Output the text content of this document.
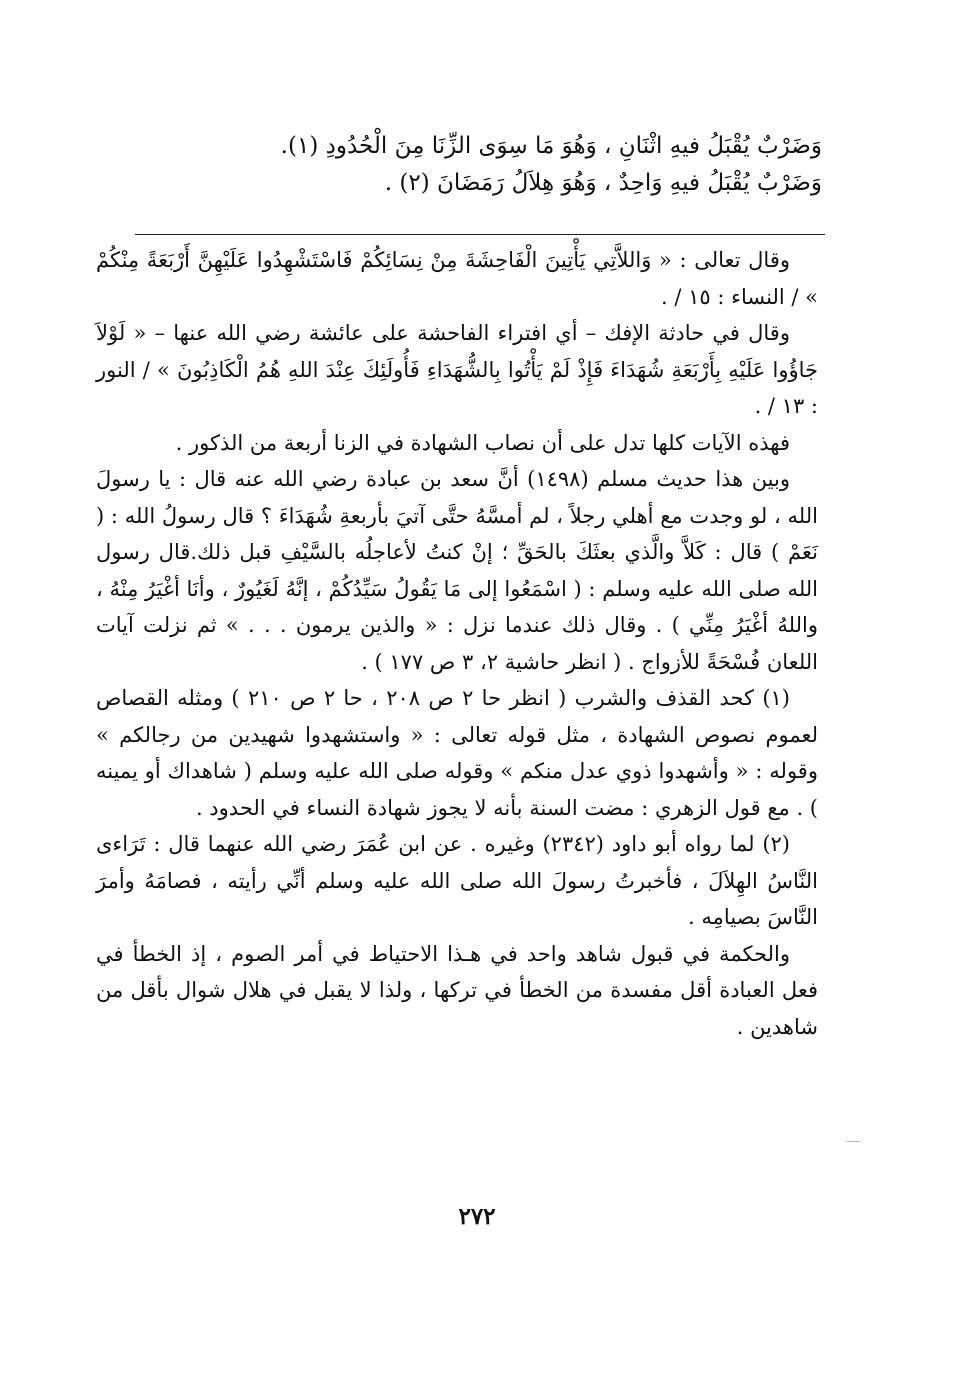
وَضَرْبٌ يُقْبَلُ فيهِ اثْنَانِ ، وَهُوَ مَا سِوَى الزِّنَا مِنَ الْحُدُودِ (١).

وَضَرْبٌ يُقْبَلُ فيهِ وَاحِدٌ ، وَهُوَ هِلاَلُ رَمَضَانَ (٢) .

وقال تعالى : « وَاللاَّتِي يَأْتِينَ الْفَاحِشَةَ مِنْ نِسَائِكُمْ فَاسْتَشْهِدُوا عَلَيْهِنَّ أَرْبَعَةً مِنْكُمْ » / النساء : ١٥ / .

وقال في حادثة الإفك – أي افتراء الفاحشة على عائشة رضي الله عنها – « لَوْلاَ جَاؤُوا عَلَيْهِ بِأَرْبَعَةِ شُهَدَاءَ فَإِذْ لَمْ يَأْتُوا بِالشُّهَدَاءِ فَأُولَئِكَ عِنْدَ اللهِ هُمُ الْكَاذِبُونَ » / النور : ١٣ / .

فهذه الآيات كلها تدل على أن نصاب الشهادة في الزنا أربعة من الذكور .

وبين هذا حديث مسلم (١٤٩٨) أنَّ سعد بن عبادة رضي الله عنه قال : يا رسولَ الله ، لو وجدت مع أهلي رجلاً ، لم أمسَّهُ حتَّى آتيَ بأربعةِ شُهَدَاءَ ؟ قال رسولُ الله : ( نَعَمْ ) قال : كَلاَّ والَّذي بعثَكَ بالحَقِّ ؛ إنْ كنتُ لأعاجلُه بالسَّيْفِ قبل ذلك.قال رسول الله صلى الله عليه وسلم : ( اسْمَعُوا إلى مَا يَقُولُ سَيِّدُكُمْ ، إنَّهُ لَغَيُورٌ ، وأنَا أغْيَرُ مِنْهُ ، واللهُ أغْيَرُ مِنِّي ) . وقال ذلك عندما نزل : « والذين يرمون . . . » ثم نزلت آيات اللعان فُسْحَةً للأزواج . ( انظر حاشية ٢، ٣ ص ١٧٧ ) .

(١) كحد القذف والشرب ( انظر حا ٢ ص ٢٠٨ ، حا ٢ ص ٢١٠ ) ومثله القصاص لعموم نصوص الشهادة ، مثل قوله تعالى : « واستشهدوا شهيدين من رجالكم » وقوله : « وأشهدوا ذوي عدل منكم » وقوله صلى الله عليه وسلم ( شاهداك أو يمينه ) . مع قول الزهري : مضت السنة بأنه لا يجوز شهادة النساء في الحدود .

(٢) لما رواه أبو داود (٢٣٤٢) وغيره . عن ابن عُمَرَ رضي الله عنهما قال : تَرَاءى النَّاسُ الهِلاَلَ ، فأخبرتُ رسولَ الله صلى الله عليه وسلم أنِّي رأيته ، فصامَهُ وأمرَ النَّاسَ بصيامِه .

والحكمة في قبول شاهد واحد في هـذا الاحتياط في أمر الصوم ، إذ الخطأ في فعل العبادة أقل مفسدة من الخطأ في تركها ، ولذا لا يقبل في هلال شوال بأقل من شاهدين .

٢٧٢
